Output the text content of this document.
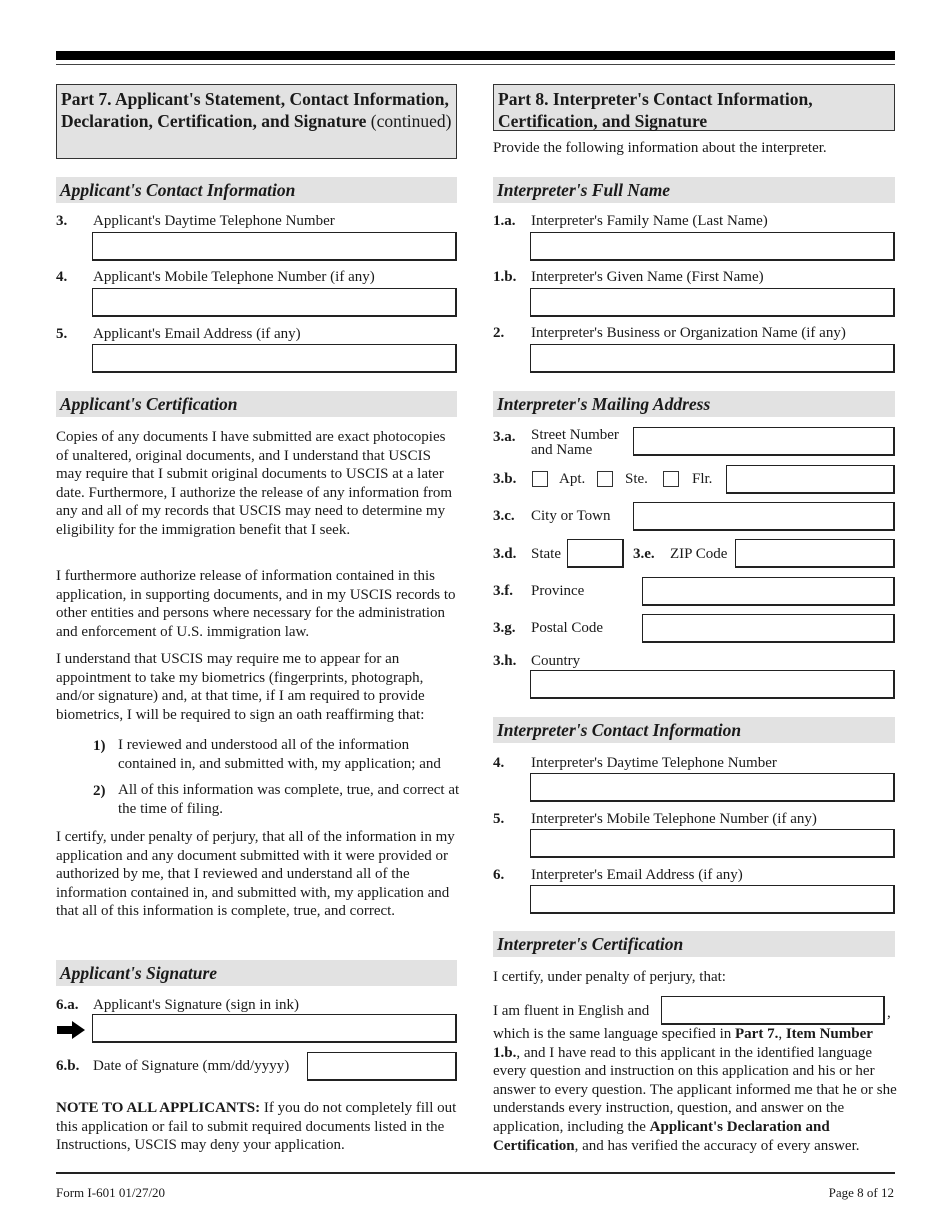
Part 7. Applicant's Statement, Contact Information, Declaration, Certification, and Signature (continued)
Applicant's Contact Information
3. Applicant's Daytime Telephone Number
4. Applicant's Mobile Telephone Number (if any)
5. Applicant's Email Address (if any)
Applicant's Certification
Copies of any documents I have submitted are exact photocopies of unaltered, original documents, and I understand that USCIS may require that I submit original documents to USCIS at a later date. Furthermore, I authorize the release of any information from any and all of my records that USCIS may need to determine my eligibility for the immigration benefit that I seek.
I furthermore authorize release of information contained in this application, in supporting documents, and in my USCIS records to other entities and persons where necessary for the administration and enforcement of U.S. immigration law.
I understand that USCIS may require me to appear for an appointment to take my biometrics (fingerprints, photograph, and/or signature) and, at that time, if I am required to provide biometrics, I will be required to sign an oath reaffirming that:
1) I reviewed and understood all of the information contained in, and submitted with, my application; and
2) All of this information was complete, true, and correct at the time of filing.
I certify, under penalty of perjury, that all of the information in my application and any document submitted with it were provided or authorized by me, that I reviewed and understand all of the information contained in, and submitted with, my application and that all of this information is complete, true, and correct.
Applicant's Signature
6.a. Applicant's Signature (sign in ink)
6.b. Date of Signature (mm/dd/yyyy)
NOTE TO ALL APPLICANTS: If you do not completely fill out this application or fail to submit required documents listed in the Instructions, USCIS may deny your application.
Part 8. Interpreter's Contact Information, Certification, and Signature
Provide the following information about the interpreter.
Interpreter's Full Name
1.a. Interpreter's Family Name (Last Name)
1.b. Interpreter's Given Name (First Name)
2. Interpreter's Business or Organization Name (if any)
Interpreter's Mailing Address
3.a. Street Number
and Name
3.b.	Apt.	Ste.	Flr.
3.c. City or Town
3.d. State	3.e. ZIP Code
3.f. Province
3.g. Postal Code
3.h. Country
Interpreter's Contact Information
4. Interpreter's Daytime Telephone Number
5. Interpreter's Mobile Telephone Number (if any)
6. Interpreter's Email Address (if any)
Interpreter's Certification
I certify, under penalty of perjury, that:
I am fluent in English and	,
which is the same language specified in Part 7., Item Number 1.b., and I have read to this applicant in the identified language every question and instruction on this application and his or her answer to every question. The applicant informed me that he or she understands every instruction, question, and answer on the application, including the Applicant's Declaration and Certification, and has verified the accuracy of every answer.
Form I-601 01/27/20	Page 8 of 12
